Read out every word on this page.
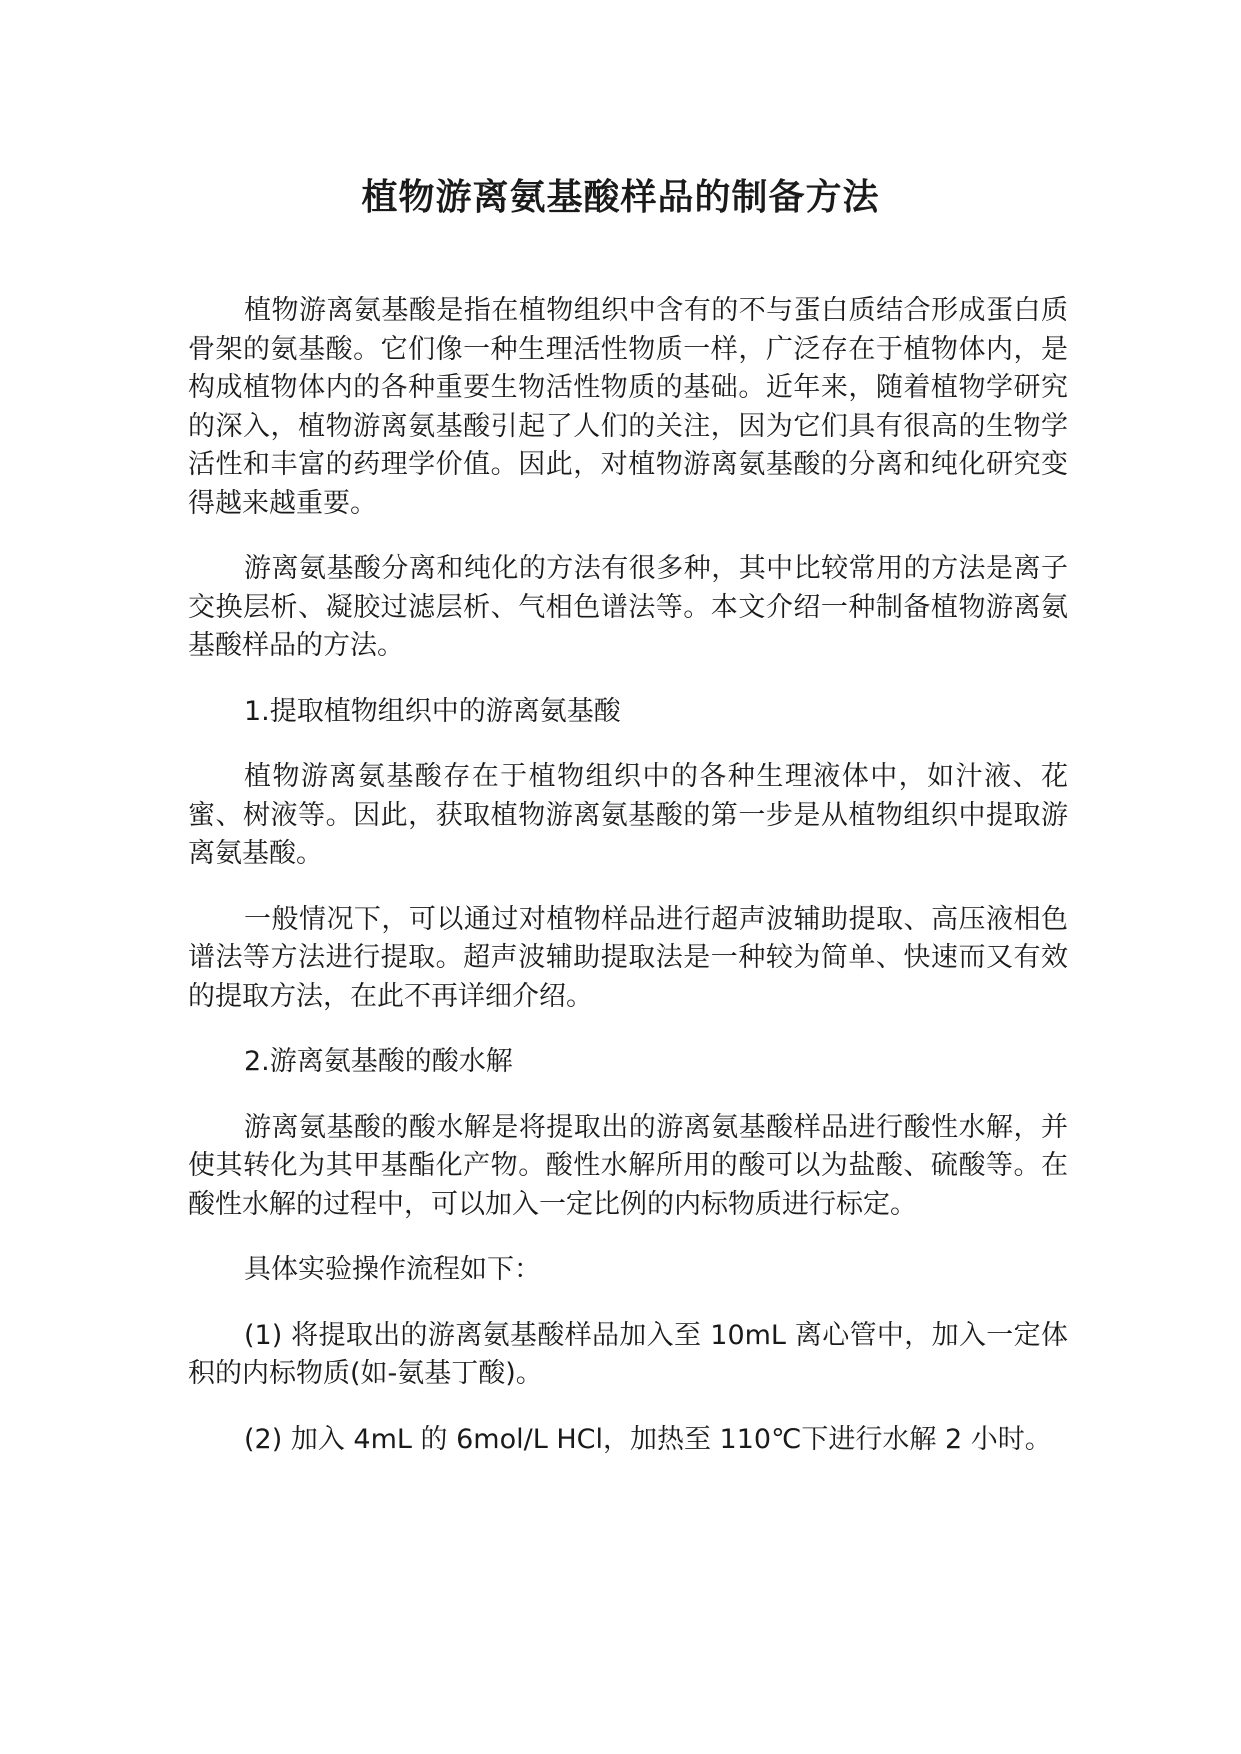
植物游离氨基酸样品的制备方法

植物游离氨基酸是指在植物组织中含有的不与蛋白质结合形成蛋白质骨架的氨基酸。它们像一种生理活性物质一样，广泛存在于植物体内，是构成植物体内的各种重要生物活性物质的基础。近年来，随着植物学研究的深入，植物游离氨基酸引起了人们的关注，因为它们具有很高的生物学活性和丰富的药理学价值。因此，对植物游离氨基酸的分离和纯化研究变得越来越重要。

游离氨基酸分离和纯化的方法有很多种，其中比较常用的方法是离子交换层析、凝胶过滤层析、气相色谱法等。本文介绍一种制备植物游离氨基酸样品的方法。

1.提取植物组织中的游离氨基酸

植物游离氨基酸存在于植物组织中的各种生理液体中，如汁液、花蜜、树液等。因此，获取植物游离氨基酸的第一步是从植物组织中提取游离氨基酸。

一般情况下，可以通过对植物样品进行超声波辅助提取、高压液相色谱法等方法进行提取。超声波辅助提取法是一种较为简单、快速而又有效的提取方法，在此不再详细介绍。

2.游离氨基酸的酸水解

游离氨基酸的酸水解是将提取出的游离氨基酸样品进行酸性水解，并使其转化为其甲基酯化产物。酸性水解所用的酸可以为盐酸、硫酸等。在酸性水解的过程中，可以加入一定比例的内标物质进行标定。

具体实验操作流程如下：

(1) 将提取出的游离氨基酸样品加入至 10mL 离心管中，加入一定体积的内标物质(如-氨基丁酸)。

(2) 加入 4mL 的 6mol/L HCl，加热至 110℃下进行水解 2 小时。
